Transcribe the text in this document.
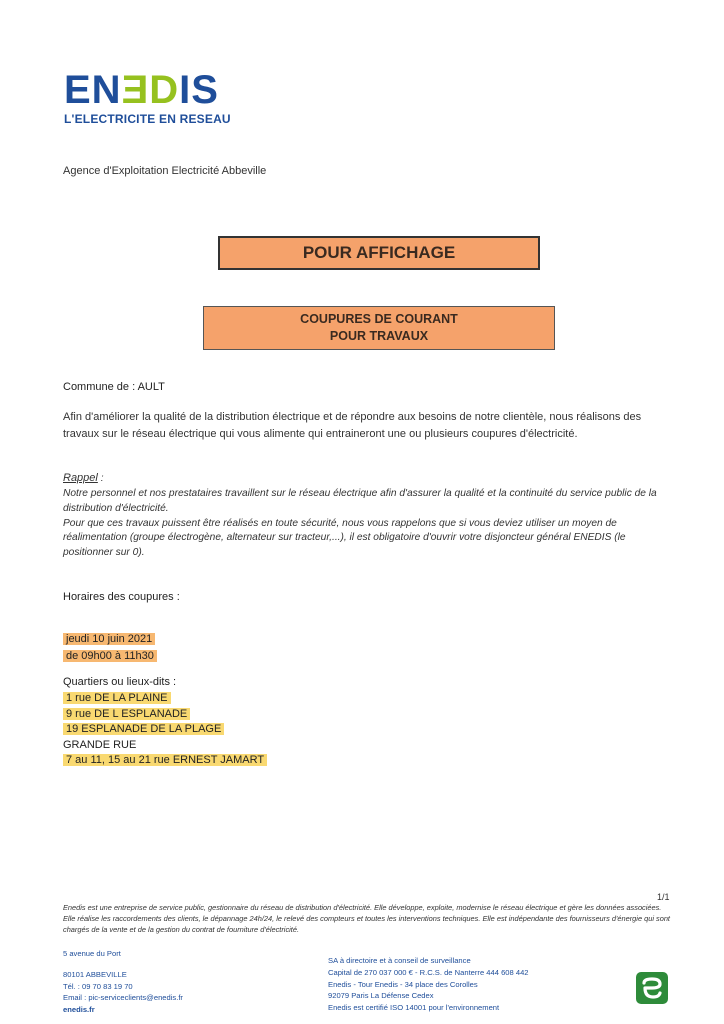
ENƎDIS
L'ELECTRICITE EN RESEAU
Agence d'Exploitation Electricité Abbeville
POUR AFFICHAGE
COUPURES DE COURANT
POUR TRAVAUX
Commune de : AULT
Afin d'améliorer la qualité de la distribution électrique et de répondre aux besoins de notre clientèle, nous réalisons des travaux sur le réseau électrique qui vous alimente qui entraineront une ou plusieurs coupures d'électricité.

Rappel :

Notre personnel et nos prestataires travaillent sur le réseau électrique afin d'assurer la qualité et la continuité du service public de la distribution d'électricité.

Pour que ces travaux puissent être réalisés en toute sécurité, nous vous rappelons que si vous deviez utiliser un moyen de réalimentation (groupe électrogène, alternateur sur tracteur,...), il est obligatoire d'ouvrir votre disjoncteur général ENEDIS (le positionner sur 0).

Horaires des coupures :
jeudi 10 juin 2021
de 09h00 à 11h30
Quartiers ou lieux-dits :
1 rue DE LA PLAINE
9 rue DE L ESPLANADE
19 ESPLANADE DE LA PLAGE
GRANDE RUE
7 au 11, 15 au 21 rue ERNEST JAMART
1/1
Enedis est une entreprise de service public, gestionnaire du réseau de distribution d'électricité. Elle développe, exploite, modernise le réseau électrique et gère les données associées. Elle réalise les raccordements des clients, le dépannage 24h/24, le relevé des compteurs et toutes les interventions techniques. Elle est indépendante des fournisseurs d'énergie qui sont chargés de la vente et de la gestion du contrat de fourniture d'électricité.
5 avenue du Port
80101 ABBEVILLE
Tél. : 09 70 83 19 70
Email : pic-serviceclients@enedis.fr
enedis.fr
SA à directoire et à conseil de surveillance
Capital de 270 037 000 € - R.C.S. de Nanterre 444 608 442
Enedis - Tour Enedis - 34 place des Corolles
92079 Paris La Défense Cedex
Enedis est certifié ISO 14001 pour l'environnement
